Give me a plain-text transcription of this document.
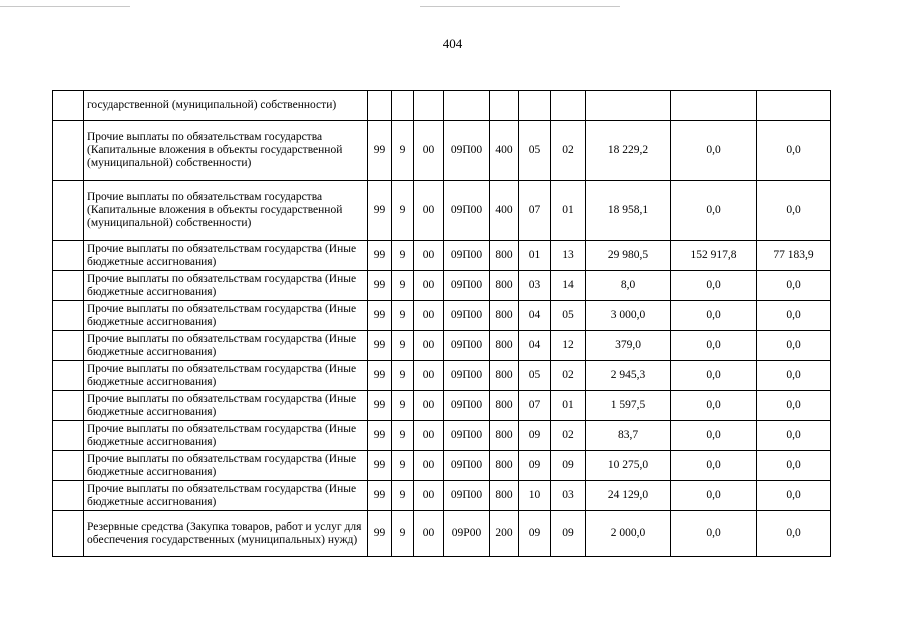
404
	государственной (муниципальной) собственности)										
	Прочие выплаты по обязательствам государства (Капитальные вложения в объекты государственной (муниципальной) собственности)	99	9	00	09П00	400	05	02	18 229,2	0,0	0,0
	Прочие выплаты по обязательствам государства (Капитальные вложения в объекты государственной (муниципальной) собственности)	99	9	00	09П00	400	07	01	18 958,1	0,0	0,0
	Прочие выплаты по обязательствам государства (Иные бюджетные ассигнования)	99	9	00	09П00	800	01	13	29 980,5	152 917,8	77 183,9
	Прочие выплаты по обязательствам государства (Иные бюджетные ассигнования)	99	9	00	09П00	800	03	14	8,0	0,0	0,0
	Прочие выплаты по обязательствам государства (Иные бюджетные ассигнования)	99	9	00	09П00	800	04	05	3 000,0	0,0	0,0
	Прочие выплаты по обязательствам государства (Иные бюджетные ассигнования)	99	9	00	09П00	800	04	12	379,0	0,0	0,0
	Прочие выплаты по обязательствам государства (Иные бюджетные ассигнования)	99	9	00	09П00	800	05	02	2 945,3	0,0	0,0
	Прочие выплаты по обязательствам государства (Иные бюджетные ассигнования)	99	9	00	09П00	800	07	01	1 597,5	0,0	0,0
	Прочие выплаты по обязательствам государства (Иные бюджетные ассигнования)	99	9	00	09П00	800	09	02	83,7	0,0	0,0
	Прочие выплаты по обязательствам государства (Иные бюджетные ассигнования)	99	9	00	09П00	800	09	09	10 275,0	0,0	0,0
	Прочие выплаты по обязательствам государства (Иные бюджетные ассигнования)	99	9	00	09П00	800	10	03	24 129,0	0,0	0,0
	Резервные средства (Закупка товаров, работ и услуг для обеспечения государственных (муниципальных) нужд)	99	9	00	09Р00	200	09	09	2 000,0	0,0	0,0
